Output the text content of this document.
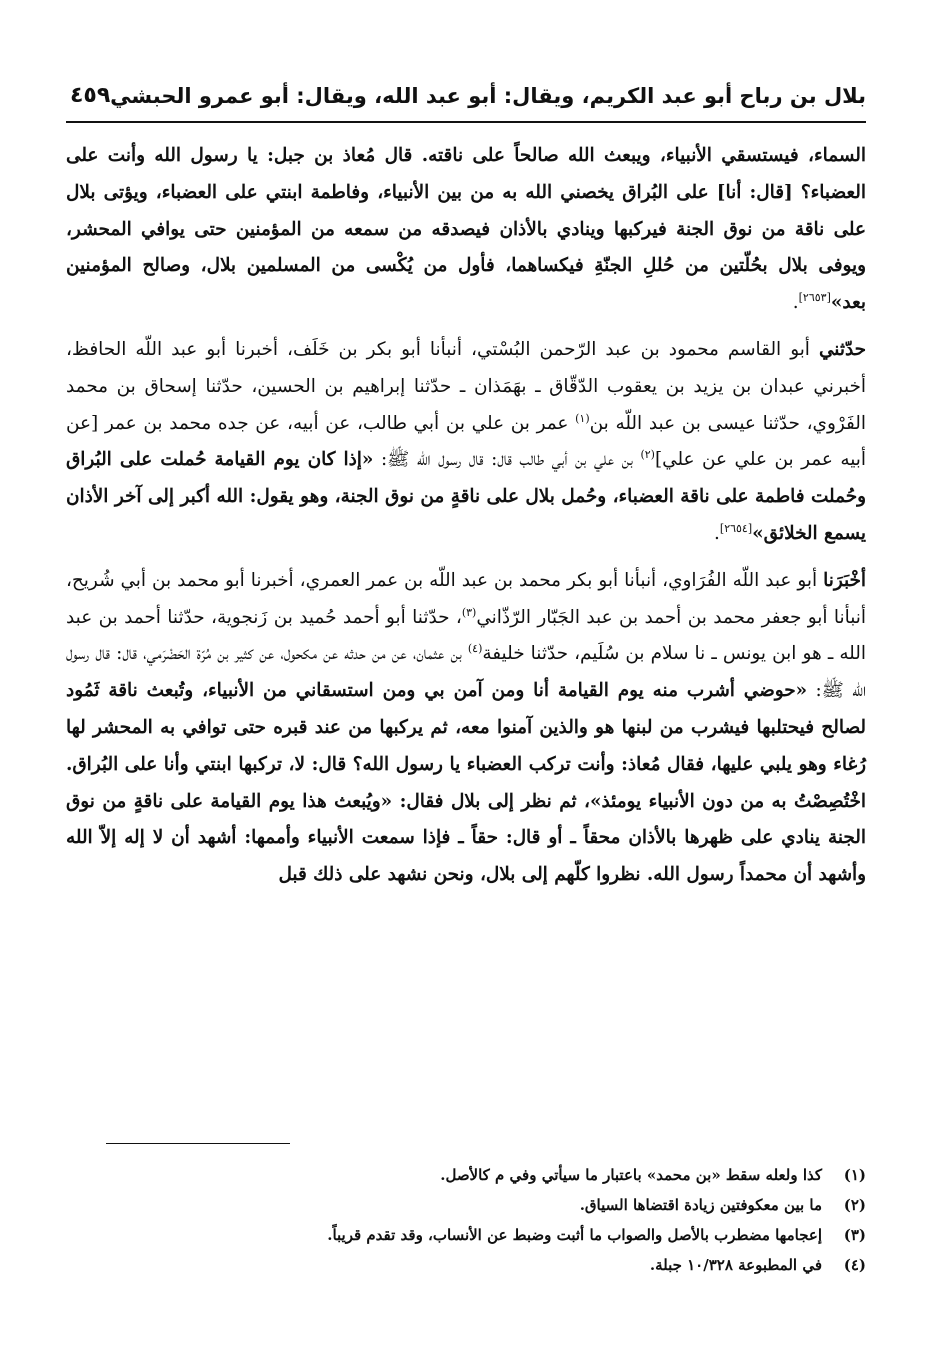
بلال بن رباح أبو عبد الكريم، ويقال: أبو عبد الله، ويقال: أبو عمرو الحبشي
٤٥٩

السماء، فيستسقي الأنبياء، ويبعث الله صالحاً على ناقته. قال مُعاذ بن جبل: يا رسول الله وأنت على العضباء؟ [قال: أنا] على البُراق يخصني الله به من بين الأنبياء، وفاطمة ابنتي على العضباء، ويؤتى بلال على ناقة من نوق الجنة فيركبها وينادي بالأذان فيصدقه من سمعه من المؤمنين حتى يوافي المحشر، ويوفى بلال بحُلّتين من حُللِ الجنّةِ فيكساهما، فأول من يُكْسى من المسلمين بلال، وصالح المؤمنين بعد»[٢٦٥٣].

حدّثني أبو القاسم محمود بن عبد الرّحمن البُسْتي، أنبأنا أبو بكر بن خَلَف، أخبرنا أبو عبد اللّه الحافظ، أخبرني عبدان بن يزيد بن يعقوب الدّقّاق ـ بهَمَذان ـ حدّثنا إبراهيم بن الحسين، حدّثنا إسحاق بن محمد الفَرْوي، حدّثنا عيسى بن عبد اللّه بن$^{(١)}$ عمر بن علي بن أبي طالب، عن أبيه، عن جده محمد بن عمر [عن أبيه عمر بن علي عن علي]$^{(٢)}$ بن علي بن أبي طالب قال: قال رسول الله ﷺ: «إذا كان يوم القيامة حُملت على البُراق وحُملت فاطمة على ناقة العضباء، وحُمل بلال على ناقةٍ من نوق الجنة، وهو يقول: الله أكبر إلى آخر الأذان يسمع الخلائق»[٢٦٥٤].

أخْبَرَنا أبو عبد اللّه الفُرَاوي، أنبأنا أبو بكر محمد بن عبد اللّه بن عمر العمري، أخبرنا أبو محمد بن أبي شُريح، أنبأنا أبو جعفر محمد بن أحمد بن عبد الجَبّار الرّذّاني$^{(٣)}$، حدّثنا أبو أحمد حُميد بن زَنجوية، حدّثنا أحمد بن عبد الله ـ هو ابن يونس ـ نا سلام بن سُلَيم، حدّثنا خليفة$^{(٤)}$ بن عثمان، عن من حدثه عن مكحول، عن كثير بن مُرّة الحَضْرَمي، قال: قال رسول الله ﷺ: «حوضي أشرب منه يوم القيامة أنا ومن آمن بي ومن استسقاني من الأنبياء، وتُبعث ناقة ثَمُود لصالح فيحتلبها فيشرب من لبنها هو والذين آمنوا معه، ثم يركبها من عند قبره حتى توافي به المحشر لها رُغاء وهو يلبي عليها، فقال مُعاذ: وأنت تركب العضباء يا رسول الله؟ قال: لا، تركبها ابنتي وأنا على البُراق. اخْتُصِصْتُ به من دون الأنبياء يومئذ»، ثم نظر إلى بلال فقال: «ويُبعث هذا يوم القيامة على ناقةٍ من نوق الجنة ينادي على ظهرها بالأذان محقاً ـ أو قال: حقاً ـ فإذا سمعت الأنبياء وأممها: أشهد أن لا إله إلاّ الله وأشهد أن محمداً رسول الله. نظروا كلّهم إلى بلال، ونحن نشهد على ذلك قبل

(١)كذا ولعله سقط «بن محمد» باعتبار ما سيأتي وفي م كالأصل.
(٢)ما بين معكوفتين زيادة اقتضاها السياق.
(٣)إعجامها مضطرب بالأصل والصواب ما أثبت وضبط عن الأنساب، وقد تقدم قريباً.
(٤)في المطبوعة ١٠/٣٢٨ جبلة.
